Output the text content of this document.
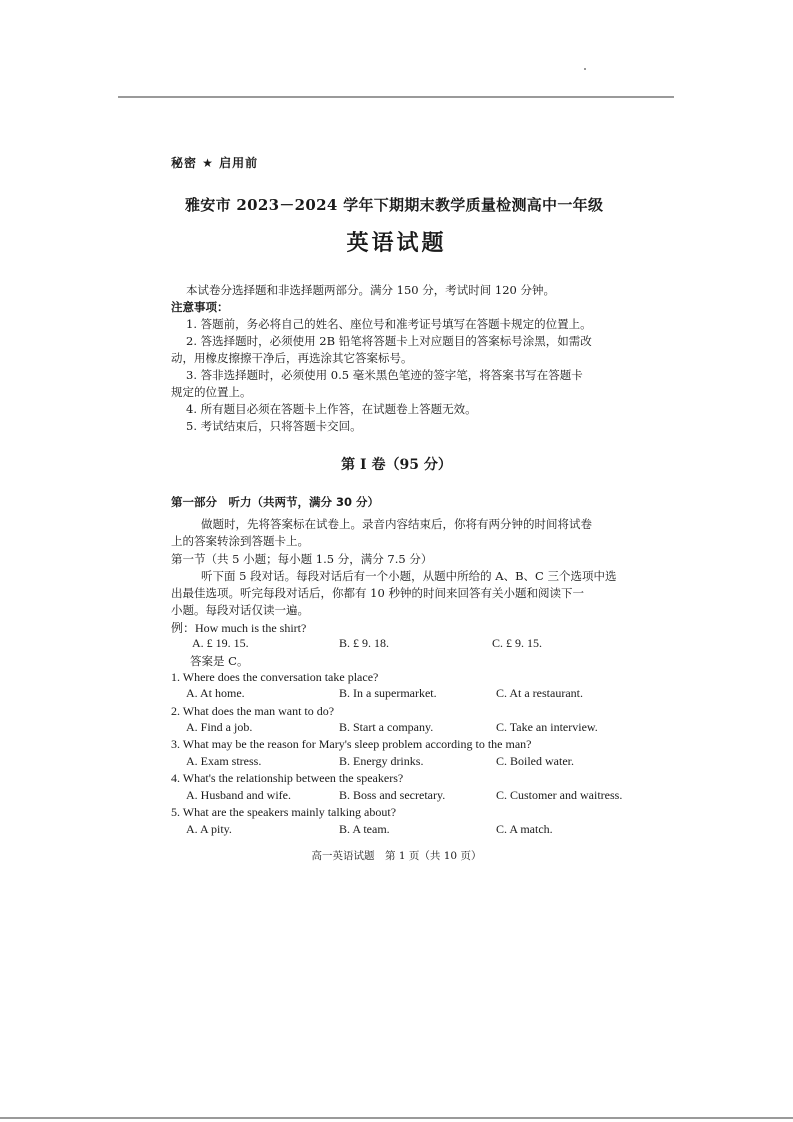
秘密 ★ 启用前
雅安市 2023－2024 学年下期期末教学质量检测高中一年级
英语试题
本试卷分选择题和非选择题两部分。满分 150 分，考试时间 120 分钟。
注意事项：
1. 答题前，务必将自己的姓名、座位号和准考证号填写在答题卡规定的位置上。
2. 答选择题时，必须使用 2B 铅笔将答题卡上对应题目的答案标号涂黑，如需改
动，用橡皮擦擦干净后，再选涂其它答案标号。
3. 答非选择题时，必须使用 0.5 毫米黑色笔迹的签字笔，将答案书写在答题卡
规定的位置上。
4. 所有题目必须在答题卡上作答，在试题卷上答题无效。
5. 考试结束后，只将答题卡交回。
第 Ⅰ 卷（95 分）
第一部分　听力（共两节，满分 30 分）
做题时，先将答案标在试卷上。录音内容结束后，你将有两分钟的时间将试卷
上的答案转涂到答题卡上。
第一节（共 5 小题；每小题 1.5 分，满分 7.5 分）
听下面 5 段对话。每段对话后有一个小题，从题中所给的 A、B、C 三个选项中选
出最佳选项。听完每段对话后，你都有 10 秒钟的时间来回答有关小题和阅读下一
小题。每段对话仅读一遍。
例：How much is the shirt?
A. £ 19. 15.	B. £ 9. 18.	C. £ 9. 15.
答案是 C。
1. Where does the conversation take place?
A. At home.	B. In a supermarket.	C. At a restaurant.
2. What does the man want to do?
A. Find a job.	B. Start a company.	C. Take an interview.
3. What may be the reason for Mary's sleep problem according to the man?
A. Exam stress.	B. Energy drinks.	C. Boiled water.
4. What's the relationship between the speakers?
A. Husband and wife.	B. Boss and secretary.	C. Customer and waitress.
5. What are the speakers mainly talking about?
A. A pity.	B. A team.	C. A match.
高一英语试题　第 1 页（共 10 页）
